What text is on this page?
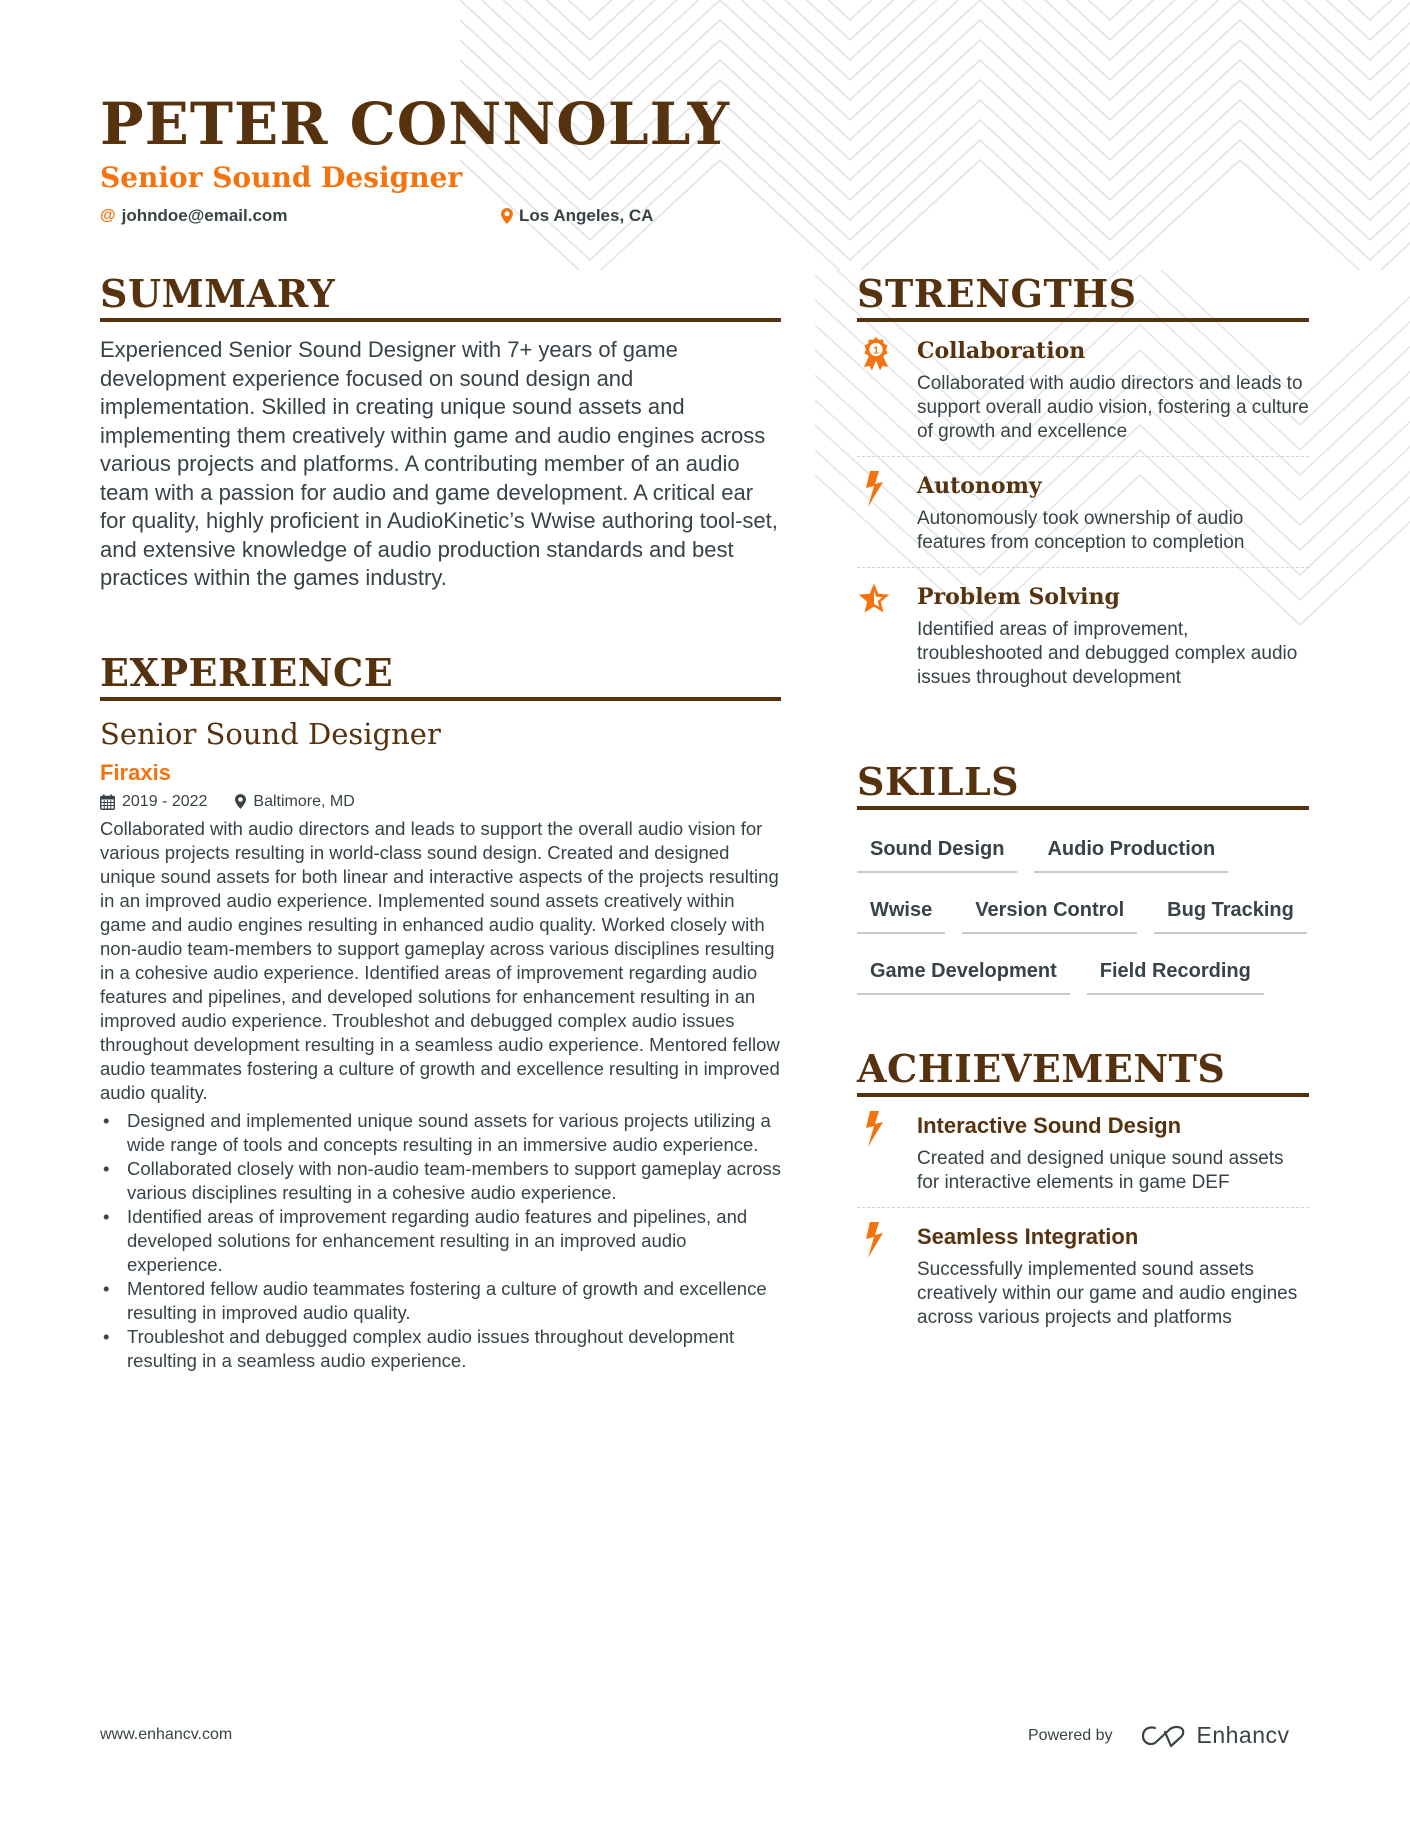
PETER CONNOLLY
Senior Sound Designer
@ johndoe@email.com	Los Angeles, CA
SUMMARY

Experienced Senior Sound Designer with 7+ years of game development experience focused on sound design and implementation. Skilled in creating unique sound assets and implementing them creatively within game and audio engines across various projects and platforms. A contributing member of an audio team with a passion for audio and game development. A critical ear for quality, highly proficient in AudioKinetic’s Wwise authoring tool-set, and extensive knowledge of audio production standards and best practices within the games industry.

EXPERIENCE
Senior Sound Designer
Firaxis
2019 - 2022	Baltimore, MD

Collaborated with audio directors and leads to support the overall audio vision for various projects resulting in world-class sound design. Created and designed unique sound assets for both linear and interactive aspects of the projects resulting in an improved audio experience. Implemented sound assets creatively within game and audio engines resulting in enhanced audio quality. Worked closely with non-audio team-members to support gameplay across various disciplines resulting in a cohesive audio experience. Identified areas of improvement regarding audio features and pipelines, and developed solutions for enhancement resulting in an improved audio experience. Troubleshot and debugged complex audio issues throughout development resulting in a seamless audio experience. Mentored fellow audio teammates fostering a culture of growth and excellence resulting in improved audio quality.

• Designed and implemented unique sound assets for various projects utilizing a wide range of tools and concepts resulting in an immersive audio experience.
• Collaborated closely with non-audio team-members to support gameplay across various disciplines resulting in a cohesive audio experience.
• Identified areas of improvement regarding audio features and pipelines, and developed solutions for enhancement resulting in an improved audio experience.
• Mentored fellow audio teammates fostering a culture of growth and excellence resulting in improved audio quality.
• Troubleshot and debugged complex audio issues throughout development resulting in a seamless audio experience.
STRENGTHS
1 Collaboration
Collaborated with audio directors and leads to support overall audio vision, fostering a culture of growth and excellence
Autonomy
Autonomously took ownership of audio features from conception to completion
Problem Solving
Identified areas of improvement, troubleshooted and debugged complex audio issues throughout development
SKILLS
Sound Design	Audio Production
Wwise	Version Control	Bug Tracking
Game Development	Field Recording
ACHIEVEMENTS
Interactive Sound Design
Created and designed unique sound assets for interactive elements in game DEF
Seamless Integration
Successfully implemented sound assets creatively within our game and audio engines across various projects and platforms
www.enhancv.com	Powered by	Enhancv
